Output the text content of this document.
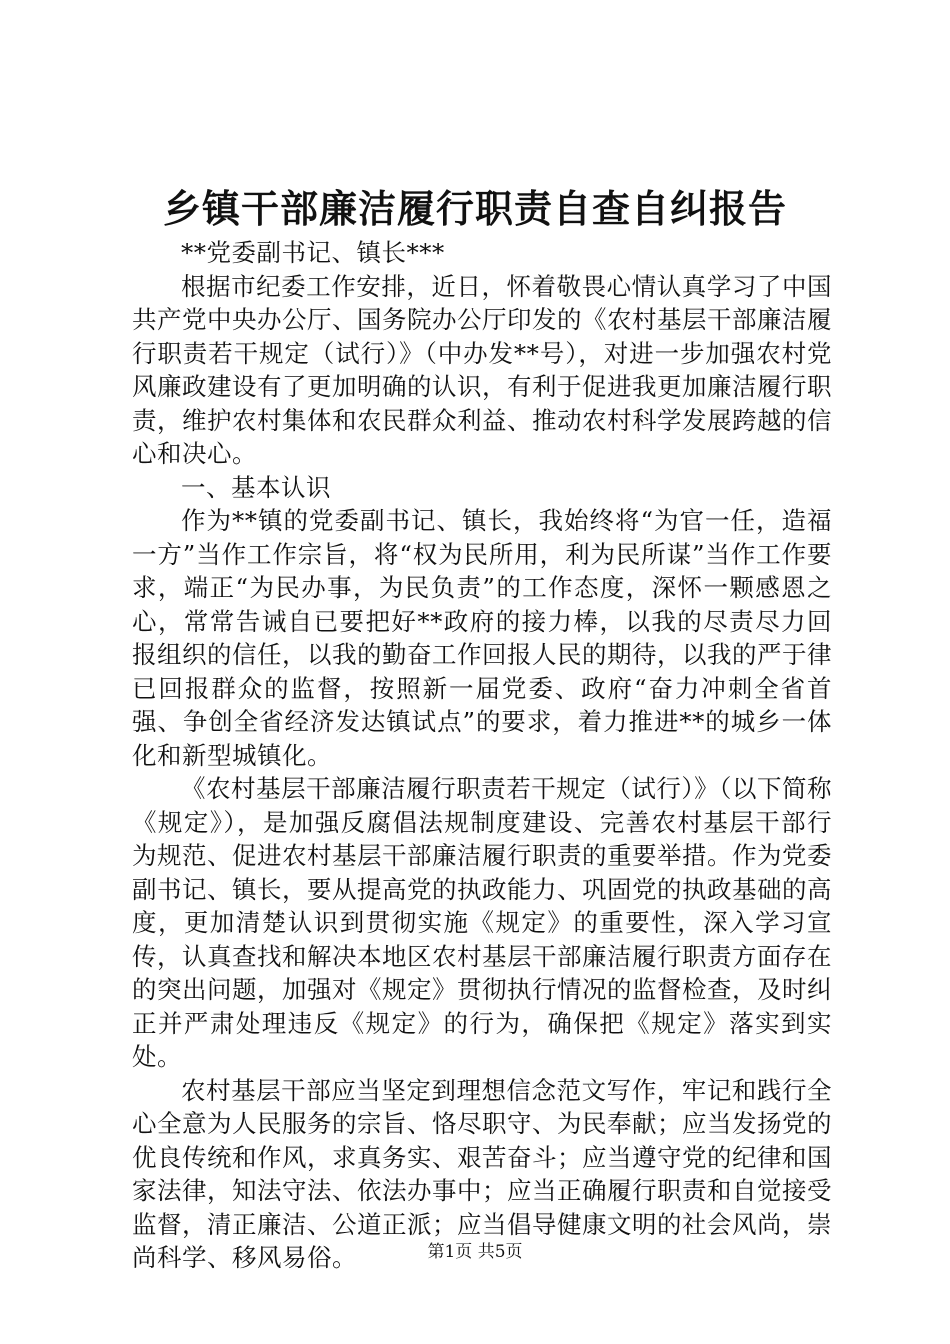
乡镇干部廉洁履行职责自查自纠报告

**党委副书记、镇长***

根据市纪委工作安排，近日，怀着敬畏心情认真学习了中国共产党中央办公厅、国务院办公厅印发的《农村基层干部廉洁履行职责若干规定（试行）》（中办发**号），对进一步加强农村党风廉政建设有了更加明确的认识，有利于促进我更加廉洁履行职责，维护农村集体和农民群众利益、推动农村科学发展跨越的信心和决心。

一、基本认识

作为**镇的党委副书记、镇长，我始终将“为官一任，造福一方”当作工作宗旨，将“权为民所用，利为民所谋”当作工作要求，端正“为民办事，为民负责”的工作态度，深怀一颗感恩之心，常常告诫自已要把好**政府的接力棒，以我的尽责尽力回报组织的信任，以我的勤奋工作回报人民的期待，以我的严于律已回报群众的监督，按照新一届党委、政府“奋力冲刺全省首强、争创全省经济发达镇试点”的要求，着力推进**的城乡一体化和新型城镇化。

《农村基层干部廉洁履行职责若干规定（试行）》（以下简称《规定》），是加强反腐倡法规制度建设、完善农村基层干部行为规范、促进农村基层干部廉洁履行职责的重要举措。作为党委副书记、镇长，要从提高党的执政能力、巩固党的执政基础的高度，更加清楚认识到贯彻实施《规定》的重要性，深入学习宣传，认真查找和解决本地区农村基层干部廉洁履行职责方面存在的突出问题，加强对《规定》贯彻执行情况的监督检查，及时纠正并严肃处理违反《规定》的行为，确保把《规定》落实到实处。

农村基层干部应当坚定到理想信念范文写作，牢记和践行全心全意为人民服务的宗旨、恪尽职守、为民奉献；应当发扬党的优良传统和作风，求真务实、艰苦奋斗；应当遵守党的纪律和国家法律，知法守法、依法办事中；应当正确履行职责和自觉接受监督，清正廉洁、公道正派；应当倡导健康文明的社会风尚，崇尚科学、移风易俗。	第1页 共5页
